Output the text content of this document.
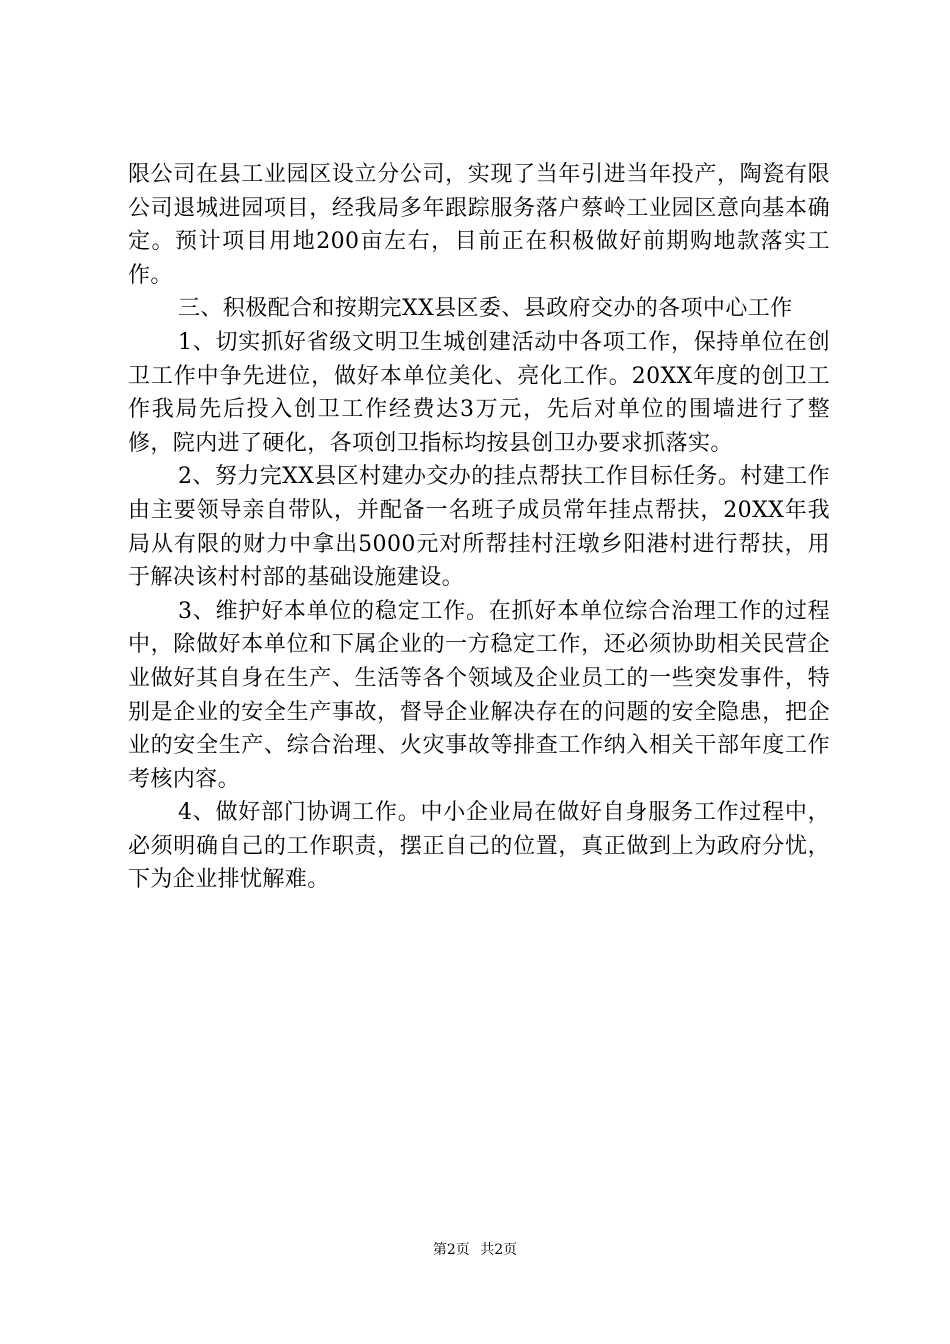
限公司在县工业园区设立分公司，实现了当年引进当年投产，陶瓷有限公司退城进园项目，经我局多年跟踪服务落户蔡岭工业园区意向基本确定。预计项目用地200亩左右，目前正在积极做好前期购地款落实工作。

三、积极配合和按期完XX县区委、县政府交办的各项中心工作

1、切实抓好省级文明卫生城创建活动中各项工作，保持单位在创卫工作中争先进位，做好本单位美化、亮化工作。20XX年度的创卫工作我局先后投入创卫工作经费达3万元，先后对单位的围墙进行了整修，院内进了硬化，各项创卫指标均按县创卫办要求抓落实。

2、努力完XX县区村建办交办的挂点帮扶工作目标任务。村建工作由主要领导亲自带队，并配备一名班子成员常年挂点帮扶，20XX年我局从有限的财力中拿出5000元对所帮挂村汪墩乡阳港村进行帮扶，用于解决该村村部的基础设施建设。

3、维护好本单位的稳定工作。在抓好本单位综合治理工作的过程中，除做好本单位和下属企业的一方稳定工作，还必须协助相关民营企业做好其自身在生产、生活等各个领域及企业员工的一些突发事件，特别是企业的安全生产事故，督导企业解决存在的问题的安全隐患，把企业的安全生产、综合治理、火灾事故等排查工作纳入相关干部年度工作考核内容。

4、做好部门协调工作。中小企业局在做好自身服务工作过程中，必须明确自己的工作职责，摆正自己的位置，真正做到上为政府分忧，下为企业排忧解难。

第2页 共2页
